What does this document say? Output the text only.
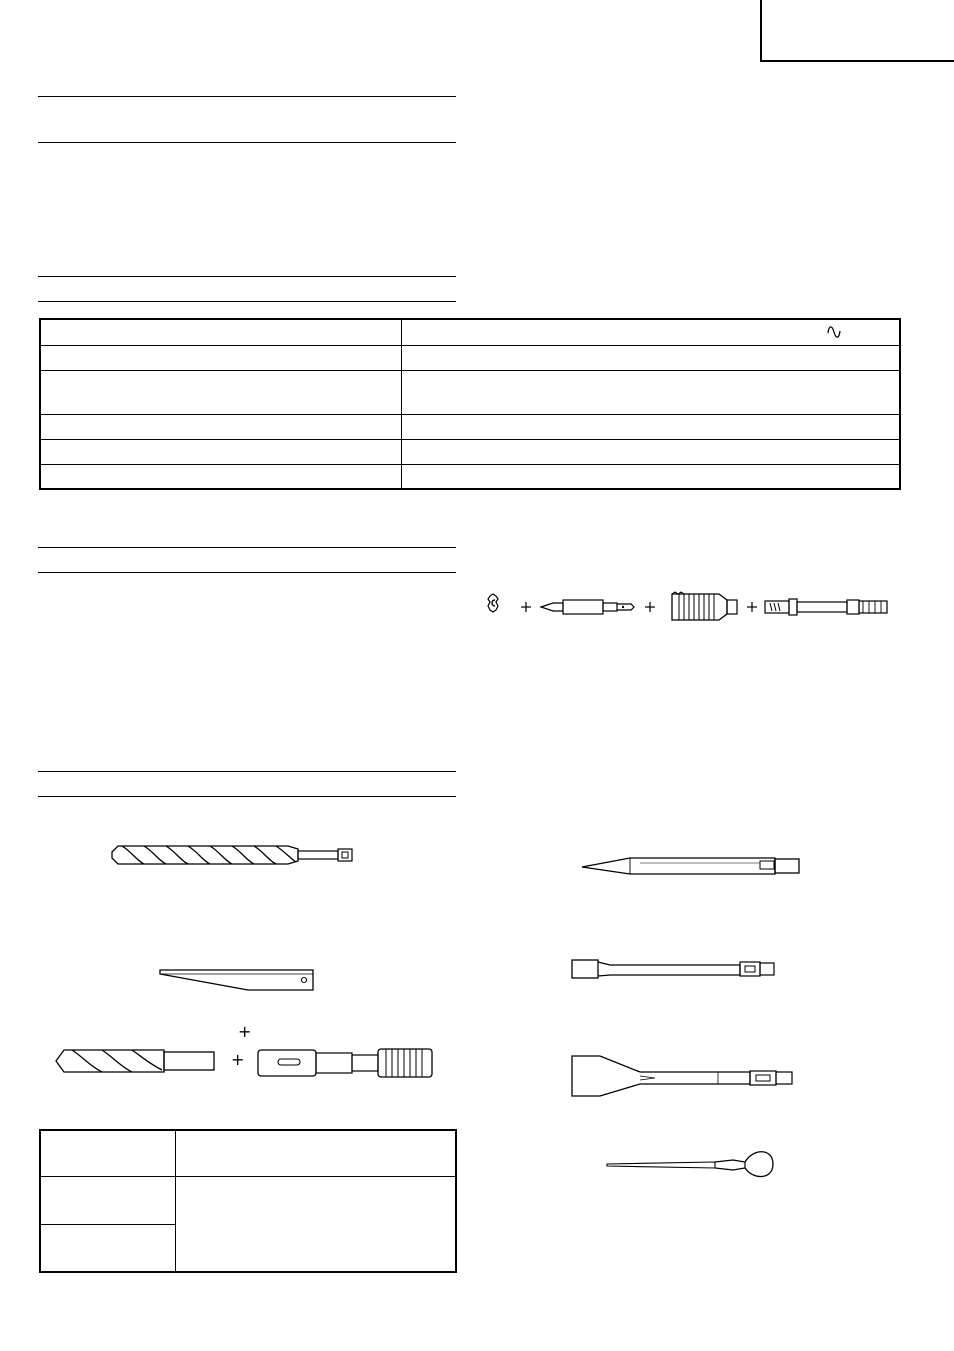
+
+
